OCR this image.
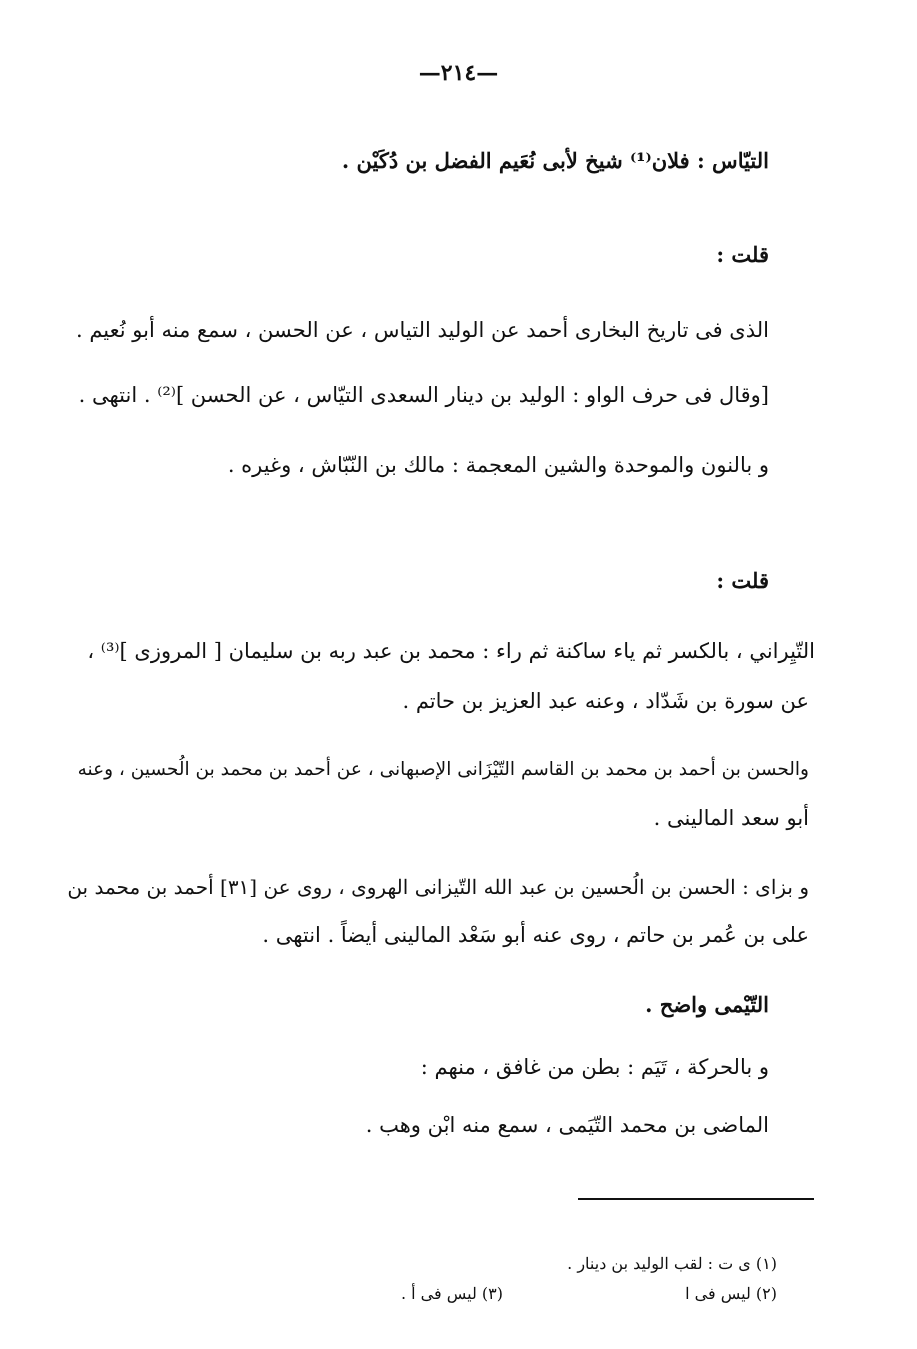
—٢١٤—
التيّاس : فلان⁽¹⁾ شيخ لأبى نُعَيم الفضل بن دُكَيْن .
قلت :
الذى فى تاريخ البخارى أحمد عن الوليد التياس ، عن الحسن ، سمع منه أبو نُعيم .
[وقال فى حرف الواو : الوليد بن دينار السعدى التيّاس ، عن الحسن ]⁽²⁾ . انتهى .
و بالنون والموحدة والشين المعجمة : مالك بن النّبّاش ، وغيره .
قلت :
التّيِراني ، بالكسر ثم ياء ساكنة ثم راء : محمد بن عبد ربه بن سليمان [ المروزى ]⁽³⁾ ،
عن سورة بن شَدّاد ، وعنه عبد العزيز بن حاتم .
والحسن بن أحمد بن محمد بن القاسم التّيْزَانى الإصبهانى ، عن أحمد بن محمد بن الُحسين ، وعنه
أبو سعد المالينى .
و بزاى : الحسن بن الُحسين بن عبد الله التّيزانى الهروى ، روى عن [٣١] أحمد بن محمد بن
على بن عُمر بن حاتم ، روى عنه أبو سَعْد المالينى أيضاً . انتهى .
التّيْمى واضح .
و بالحركة ، تَيَم : بطن من غافق ، منهم :
الماضى بن محمد التّيَمى ، سمع منه ابْن وهب .
(١) ى ت : لقب الوليد بن دينار .
(٢) ليس فى ا
(٣) ليس فى أ .
